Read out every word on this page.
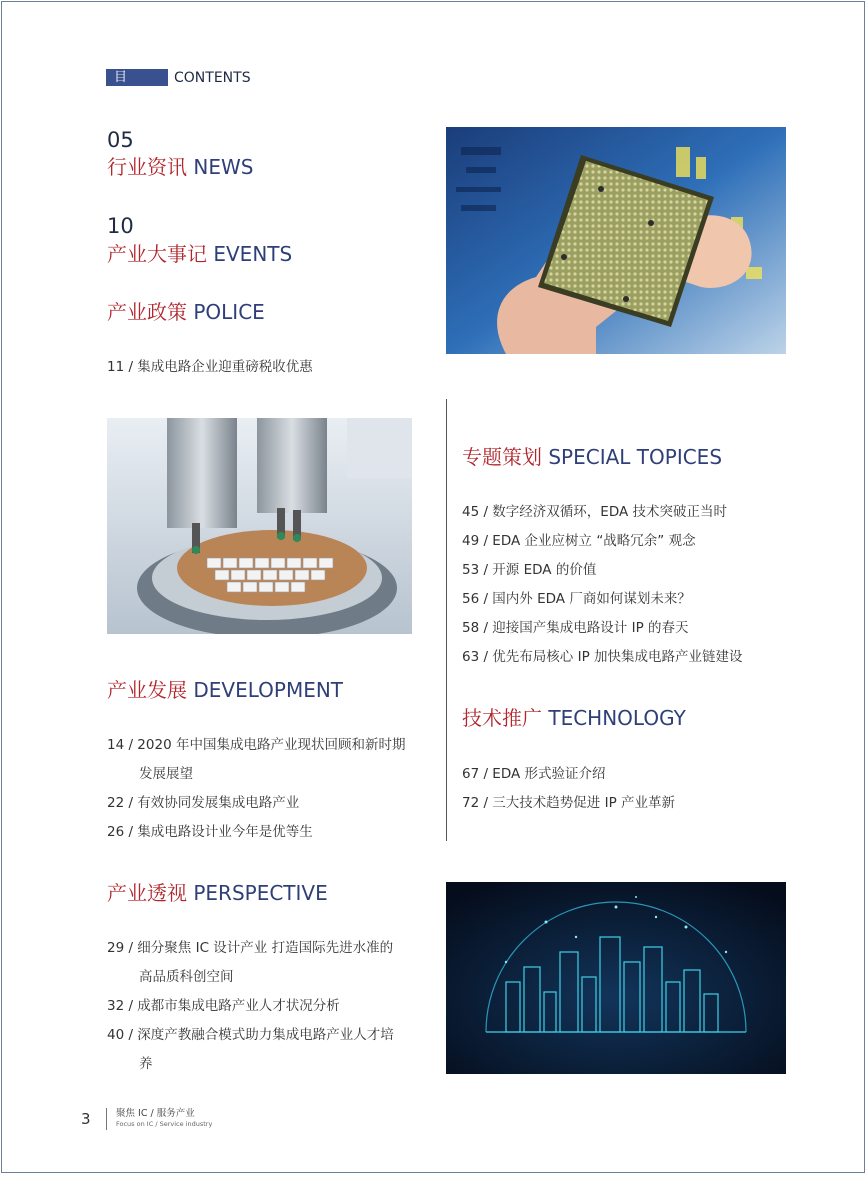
目 录
CONTENTS
05
行业资讯 NEWS
10
产业大事记 EVENTS
产业政策 POLICE
11 / 集成电路企业迎重磅税收优惠
专题策划 SPECIAL TOPICES
45 / 数字经济双循环，EDA 技术突破正当时
49 / EDA 企业应树立 “战略冗余” 观念
53 / 开源 EDA 的价值
56 / 国内外 EDA 厂商如何谋划未来？
58 / 迎接国产集成电路设计 IP 的春天
63 / 优先布局核心 IP 加快集成电路产业链建设
产业发展 DEVELOPMENT
14 / 2020 年中国集成电路产业现状回顾和新时期
发展展望
22 / 有效协同发展集成电路产业
26 / 集成电路设计业今年是优等生
技术推广 TECHNOLOGY
67 / EDA 形式验证介绍
72 / 三大技术趋势促进 IP 产业革新
产业透视 PERSPECTIVE
29 / 细分聚焦 IC 设计产业 打造国际先进水准的
高品质科创空间
32 / 成都市集成电路产业人才状况分析
40 / 深度产教融合模式助力集成电路产业人才培
养
3	聚焦 IC / 服务产业
Focus on IC / Service industry
